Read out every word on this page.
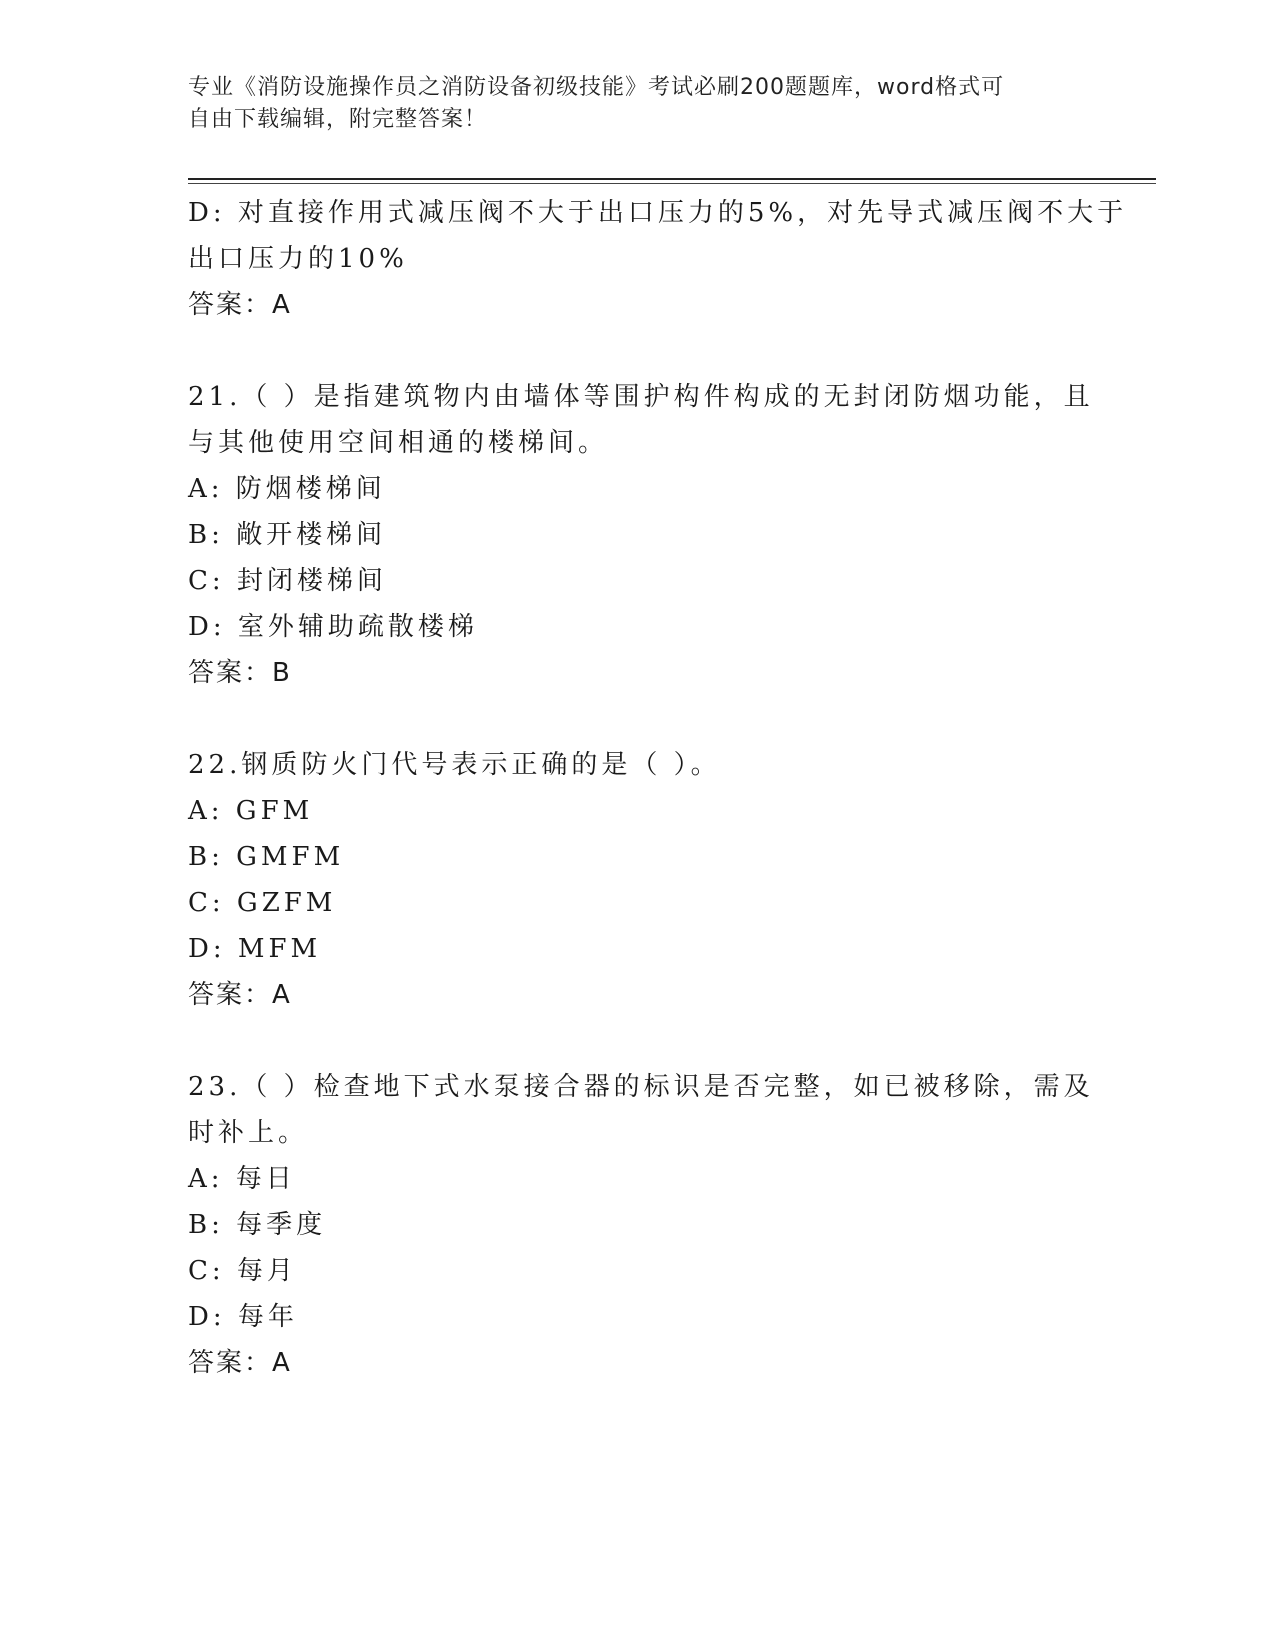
专业《消防设施操作员之消防设备初级技能》考试必刷200题题库，word格式可
自由下载编辑，附完整答案！
D: 对直接作用式减压阀不大于出口压力的5%，对先导式减压阀不大于
出口压力的10%
答案：A
21.（ ）是指建筑物内由墙体等围护构件构成的无封闭防烟功能，且
与其他使用空间相通的楼梯间。
A: 防烟楼梯间
B: 敞开楼梯间
C: 封闭楼梯间
D: 室外辅助疏散楼梯
答案：B
22.钢质防火门代号表示正确的是（ ）。
A: GFM
B: GMFM
C: GZFM
D: MFM
答案：A
23.（ ）检查地下式水泵接合器的标识是否完整，如已被移除，需及
时补上。
A: 每日
B: 每季度
C: 每月
D: 每年
答案：A
